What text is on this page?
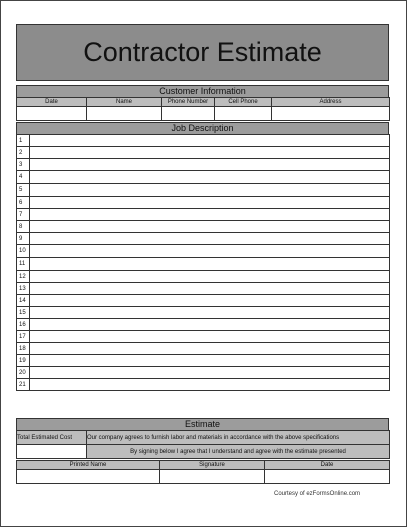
Contractor Estimate
Customer Information
Date	Name	Phone Number	Cell Phone	Address

Job Description
1	
2	
3	
4	
5	
6	
7	
8	
9	
10	
11	
12	
13	
14	
15	
16	
17	
18	
19	
20	
21	
Estimate
Total Estimated Cost	Our company agrees to furnish labor and materials in accordance with the above specifications
	By signing below I agree that I understand and agree with the estimate presented
Printed Name	Signature	Date

Courtesy of ezFormsOnline.com
